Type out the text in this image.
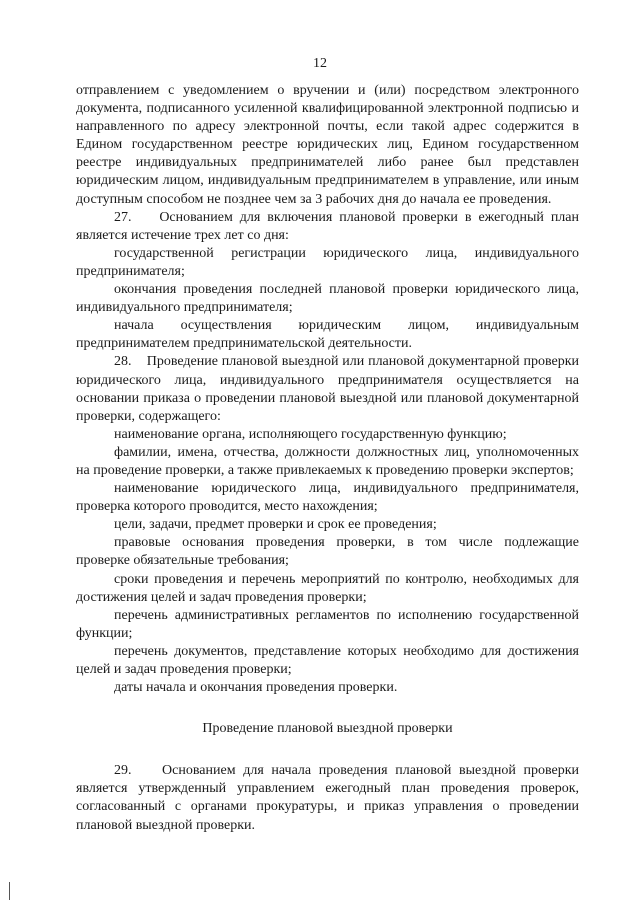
12

отправлением с уведомлением о вручении и (или) посредством электронного документа, подписанного усиленной квалифицированной электронной подписью и направленного по адресу электронной почты, если такой адрес содержится в Едином государственном реестре юридических лиц, Едином государственном реестре индивидуальных предпринимателей либо ранее был представлен юридическим лицом, индивидуальным предпринимателем в управление, или иным доступным способом не позднее чем за 3 рабочих дня до начала ее проведения.

27.    Основанием для включения плановой проверки в ежегодный план является истечение трех лет со дня:

государственной регистрации юридического лица, индивидуального предпринимателя;

окончания проведения последней плановой проверки юридического лица, индивидуального предпринимателя;

начала осуществления юридическим лицом, индивидуальным предпринимателем предпринимательской деятельности.

28.    Проведение плановой выездной или плановой документарной проверки юридического лица, индивидуального предпринимателя осуществляется на основании приказа о проведении плановой выездной или плановой документарной проверки, содержащего:

наименование органа, исполняющего государственную функцию;

фамилии, имена, отчества, должности должностных лиц, уполномоченных на проведение проверки, а также привлекаемых к проведению проверки экспертов;

наименование юридического лица, индивидуального предпринимателя, проверка которого проводится, место нахождения;

цели, задачи, предмет проверки и срок ее проведения;

правовые основания проведения проверки, в том числе подлежащие проверке обязательные требования;

сроки проведения и перечень мероприятий по контролю, необходимых для достижения целей и задач проведения проверки;

перечень административных регламентов по исполнению государственной функции;

перечень документов, представление которых необходимо для достижения целей и задач проведения проверки;

даты начала и окончания проведения проверки.

Проведение плановой выездной проверки

29.    Основанием для начала проведения плановой выездной проверки является утвержденный управлением ежегодный план проведения проверок, согласованный с органами прокуратуры, и приказ управления о проведении плановой выездной проверки.
